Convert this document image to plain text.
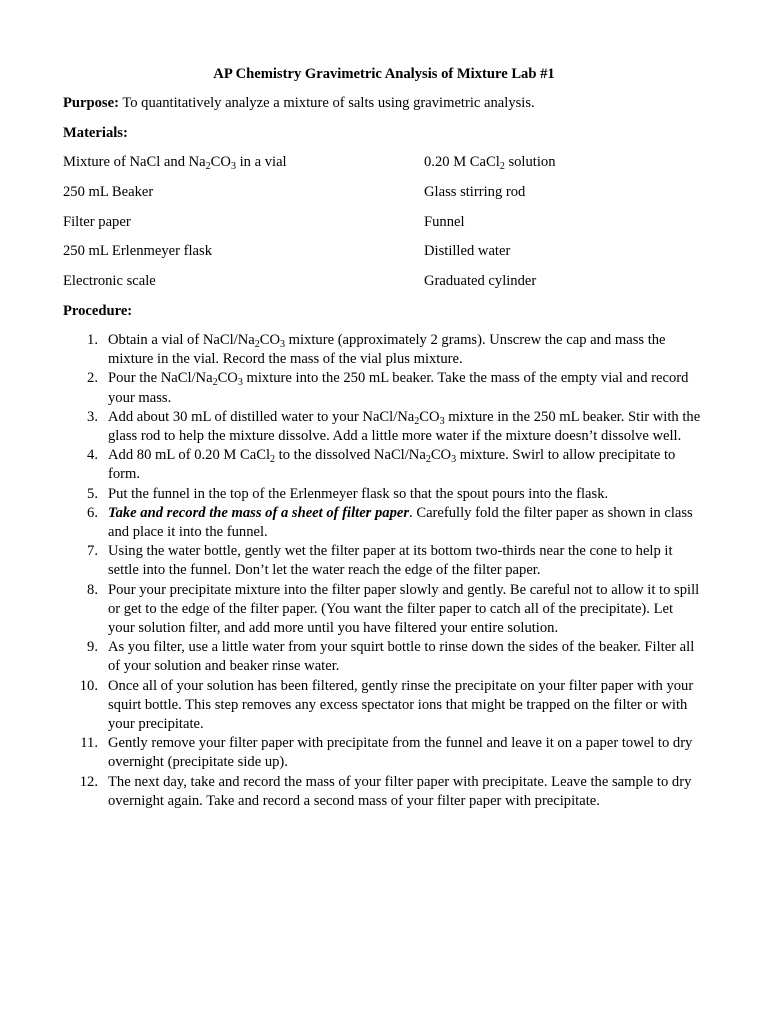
AP Chemistry Gravimetric Analysis of Mixture Lab #1
Purpose: To quantitatively analyze a mixture of salts using gravimetric analysis.
Materials:
Mixture of NaCl and $Na_2CO_3$ in a vial	0.20 M CaCl$_2$ solution
250 mL Beaker	Glass stirring rod
Filter paper	Funnel
250 mL Erlenmeyer flask	Distilled water
Electronic scale	Graduated cylinder
Procedure:
1. Obtain a vial of NaCl/$Na_2CO_3$ mixture (approximately 2 grams). Unscrew the cap and mass the mixture in the vial. Record the mass of the vial plus mixture.
2. Pour the NaCl/$Na_2CO_3$ mixture into the 250 mL beaker. Take the mass of the empty vial and record your mass.
3. Add about 30 mL of distilled water to your NaCl/$Na_2CO_3$ mixture in the 250 mL beaker. Stir with the glass rod to help the mixture dissolve. Add a little more water if the mixture doesn’t dissolve well.
4. Add 80 mL of 0.20 M CaCl$_2$ to the dissolved NaCl/$Na_2CO_3$ mixture. Swirl to allow precipitate to form.
5. Put the funnel in the top of the Erlenmeyer flask so that the spout pours into the flask.
6. Take and record the mass of a sheet of filter paper. Carefully fold the filter paper as shown in class and place it into the funnel.
7. Using the water bottle, gently wet the filter paper at its bottom two-thirds near the cone to help it settle into the funnel. Don’t let the water reach the edge of the filter paper.
8. Pour your precipitate mixture into the filter paper slowly and gently. Be careful not to allow it to spill or get to the edge of the filter paper. (You want the filter paper to catch all of the precipitate). Let your solution filter, and add more until you have filtered your entire solution.
9. As you filter, use a little water from your squirt bottle to rinse down the sides of the beaker. Filter all of your solution and beaker rinse water.
10. Once all of your solution has been filtered, gently rinse the precipitate on your filter paper with your squirt bottle. This step removes any excess spectator ions that might be trapped on the filter or with your precipitate.
11. Gently remove your filter paper with precipitate from the funnel and leave it on a paper towel to dry overnight (precipitate side up).
12. The next day, take and record the mass of your filter paper with precipitate. Leave the sample to dry overnight again. Take and record a second mass of your filter paper with precipitate.
